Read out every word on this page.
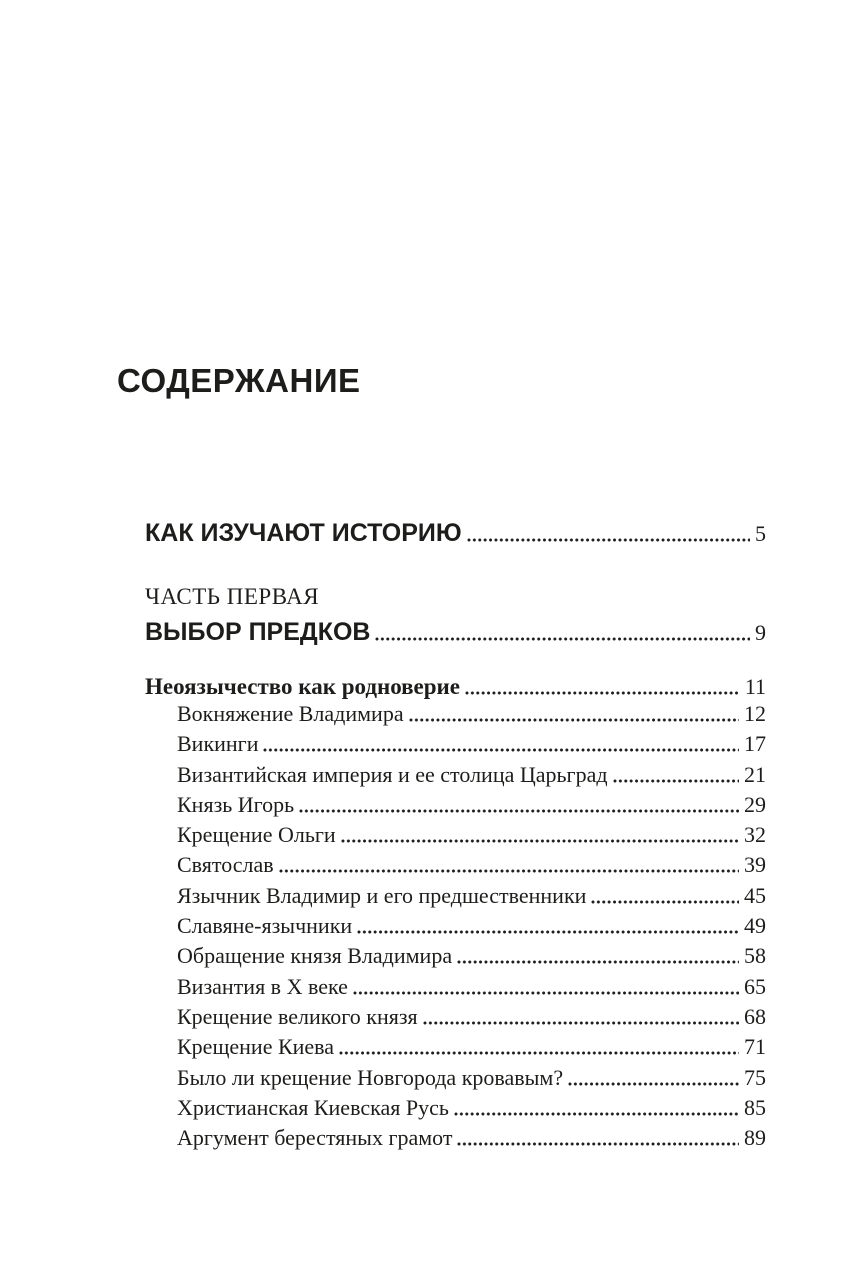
СОДЕРЖАНИЕ
КАК ИЗУЧАЮТ ИСТОРИЮ	5
ЧАСТЬ ПЕРВАЯ
ВЫБОР ПРЕДКОВ	9
Неоязычество как родноверие	11
Вокняжение Владимира	12
Викинги	17
Византийская империя и ее столица Царьград	21
Князь Игорь	29
Крещение Ольги	32
Святослав	39
Язычник Владимир и его предшественники	45
Славяне-язычники	49
Обращение князя Владимира	58
Византия в X веке	65
Крещение великого князя	68
Крещение Киева	71
Было ли крещение Новгорода кровавым?	75
Христианская Киевская Русь	85
Аргумент берестяных грамот	89
